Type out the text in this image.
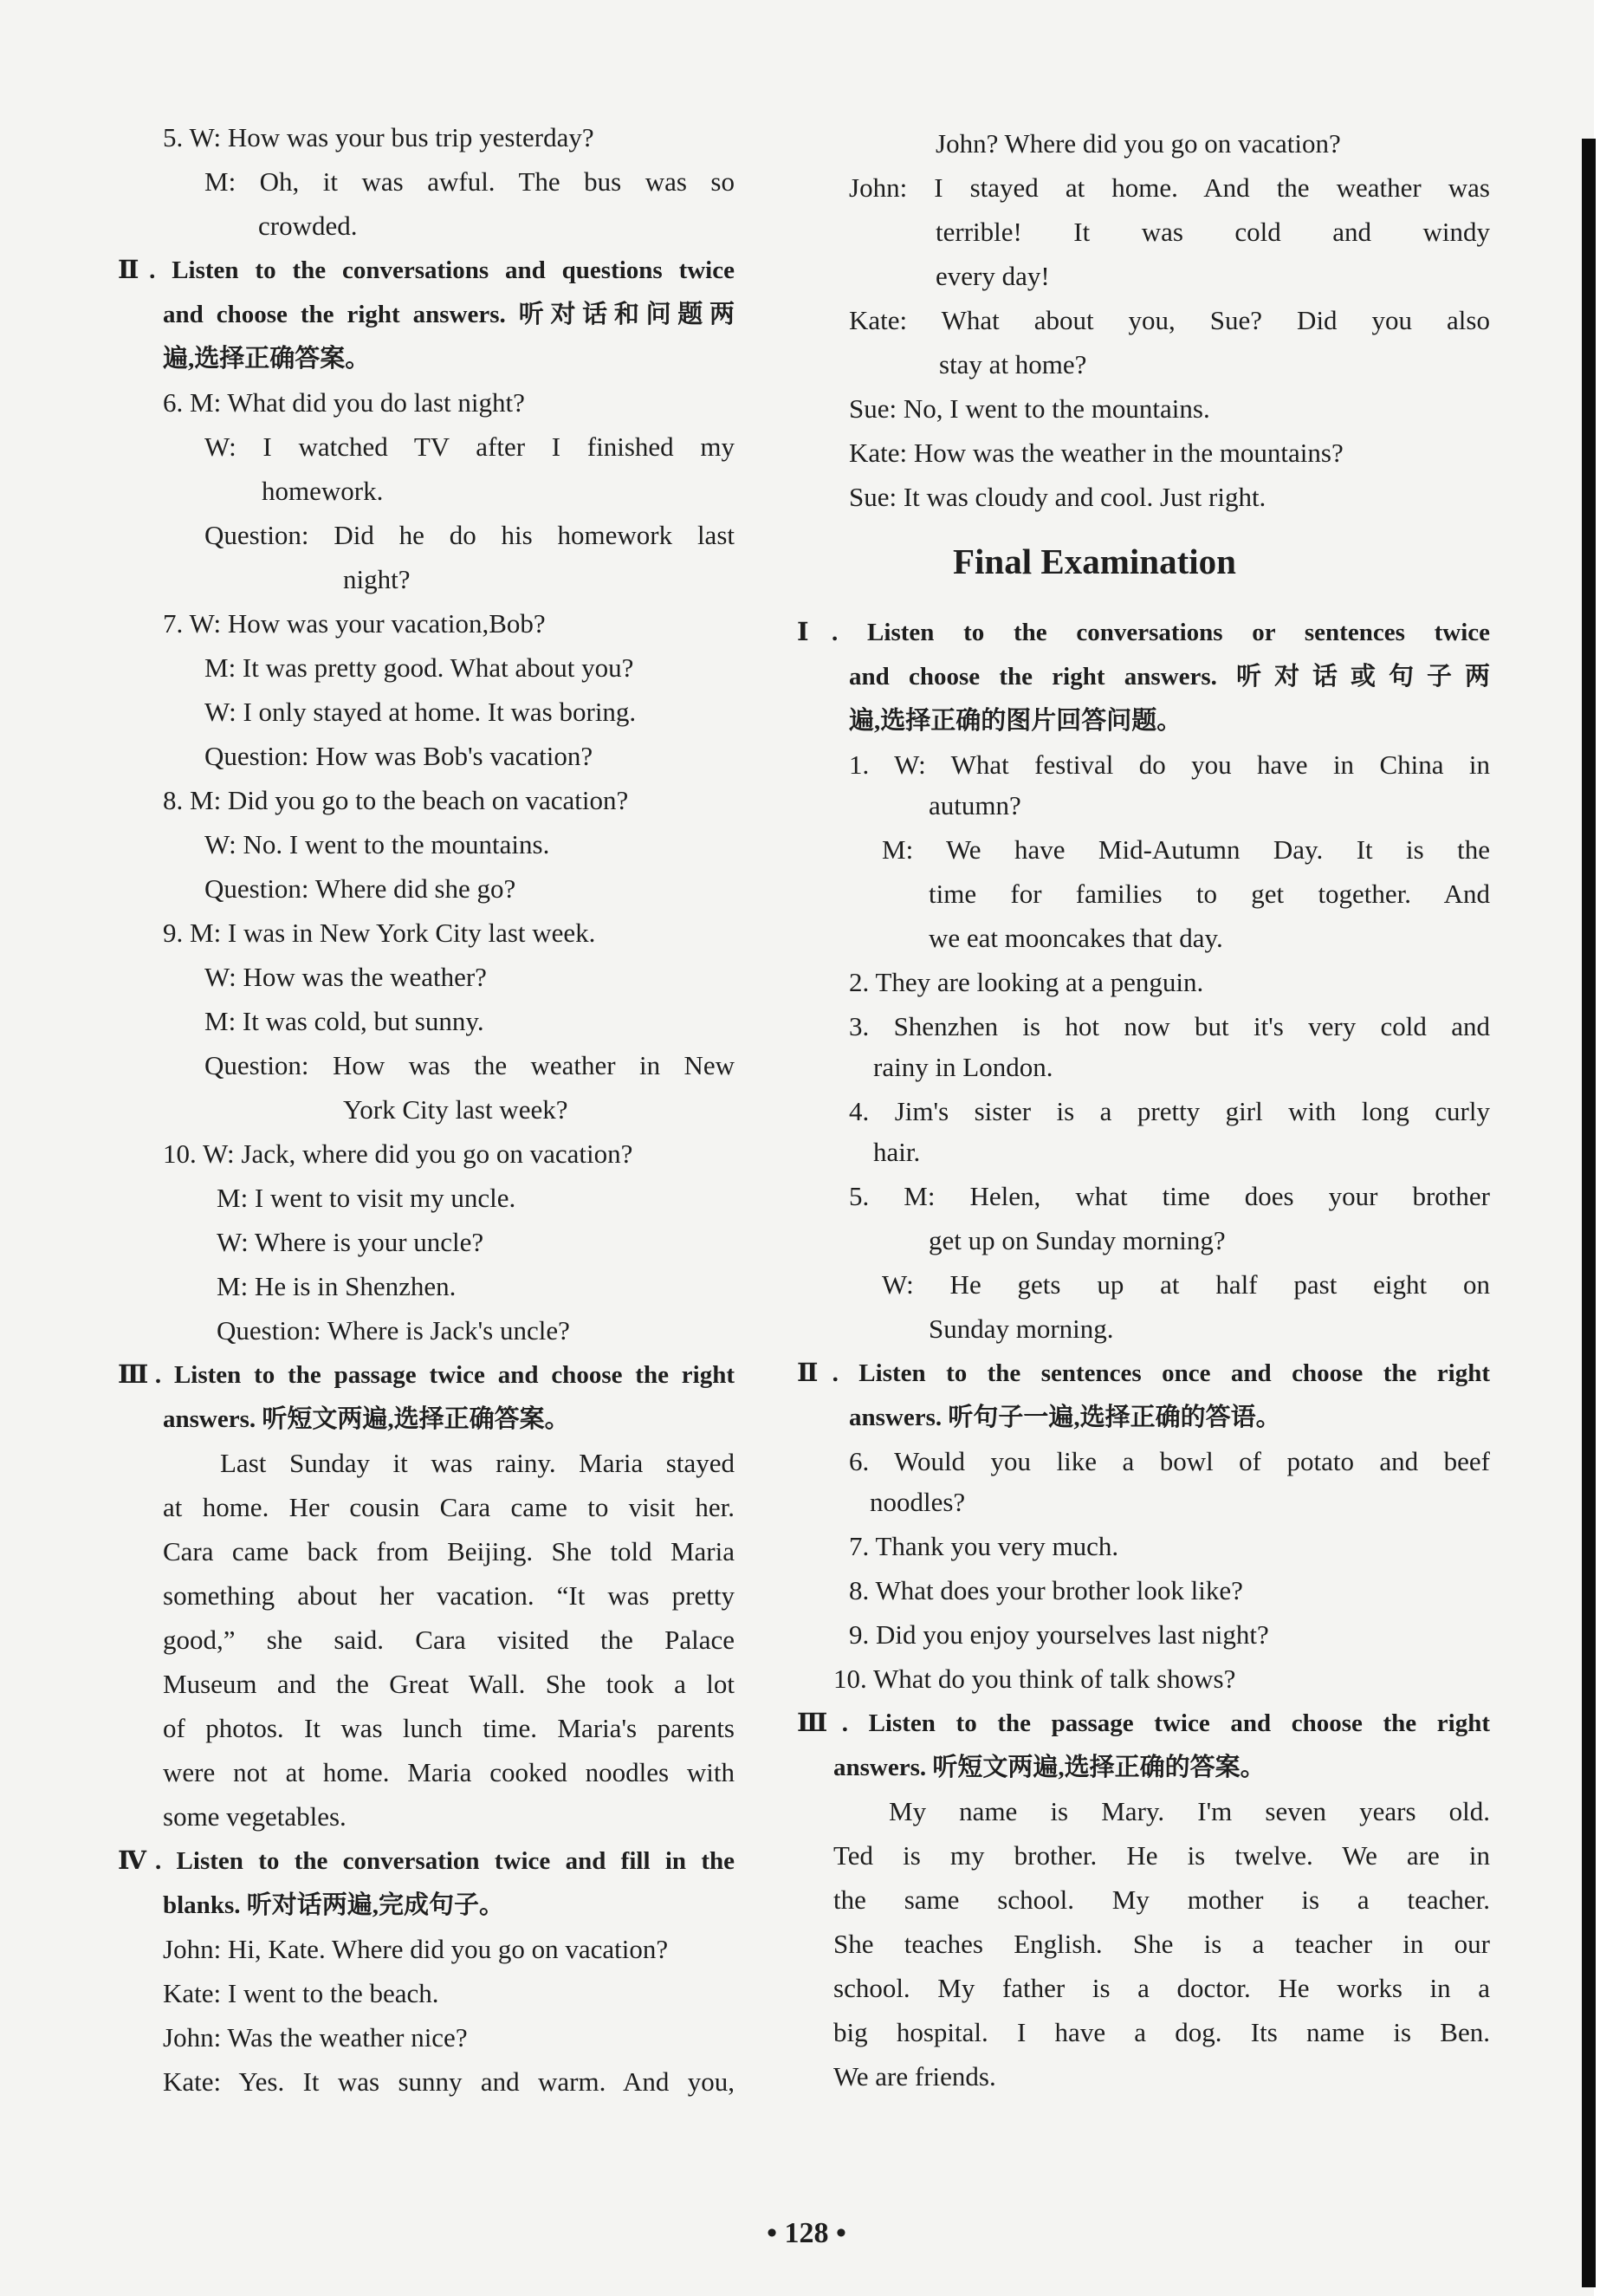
5. W: How was your bus trip yesterday?
M: Oh, it was awful. The bus was so
crowded.
Ⅱ. Listen to the conversations and questions twice
and choose the right answers. 听对话和问题两
遍,选择正确答案。
6. M: What did you do last night?
W: I watched TV after I finished my
homework.
Question: Did he do his homework last
night?
7. W: How was your vacation,Bob?
M: It was pretty good. What about you?
W: I only stayed at home. It was boring.
Question: How was Bob's vacation?
8. M: Did you go to the beach on vacation?
W: No. I went to the mountains.
Question: Where did she go?
9. M: I was in New York City last week.
W: How was the weather?
M: It was cold, but sunny.
Question: How was the weather in New
York City last week?
10. W: Jack, where did you go on vacation?
M: I went to visit my uncle.
W: Where is your uncle?
M: He is in Shenzhen.
Question: Where is Jack's uncle?
Ⅲ. Listen to the passage twice and choose the right
answers. 听短文两遍,选择正确答案。
Last Sunday it was rainy. Maria stayed
at home. Her cousin Cara came to visit her.
Cara came back from Beijing. She told Maria
something about her vacation. “It was pretty
good,” she said. Cara visited the Palace
Museum and the Great Wall. She took a lot
of photos. It was lunch time. Maria's parents
were not at home. Maria cooked noodles with
some vegetables.
Ⅳ. Listen to the conversation twice and fill in the
blanks. 听对话两遍,完成句子。
John: Hi, Kate. Where did you go on vacation?
Kate: I went to the beach.
John: Was the weather nice?
Kate: Yes. It was sunny and warm. And you,
John? Where did you go on vacation?
John: I stayed at home. And the weather was
terrible! It was cold and windy
every day!
Kate: What about you, Sue? Did you also
stay at home?
Sue: No, I went to the mountains.
Kate: How was the weather in the mountains?
Sue: It was cloudy and cool. Just right.
Final Examination
Ⅰ. Listen to the conversations or sentences twice
and choose the right answers. 听对话或句子两
遍,选择正确的图片回答问题。
1. W: What festival do you have in China in
autumn?
M: We have Mid-Autumn Day. It is the
time for families to get together. And
we eat mooncakes that day.
2. They are looking at a penguin.
3. Shenzhen is hot now but it's very cold and
rainy in London.
4. Jim's sister is a pretty girl with long curly
hair.
5. M: Helen, what time does your brother
get up on Sunday morning?
W: He gets up at half past eight on
Sunday morning.
Ⅱ. Listen to the sentences once and choose the right
answers. 听句子一遍,选择正确的答语。
6. Would you like a bowl of potato and beef
noodles?
7. Thank you very much.
8. What does your brother look like?
9. Did you enjoy yourselves last night?
10. What do you think of talk shows?
Ⅲ. Listen to the passage twice and choose the right
answers. 听短文两遍,选择正确的答案。
My name is Mary. I'm seven years old.
Ted is my brother. He is twelve. We are in
the same school. My mother is a teacher.
She teaches English. She is a teacher in our
school. My father is a doctor. He works in a
big hospital. I have a dog. Its name is Ben.
We are friends.
• 128 •
